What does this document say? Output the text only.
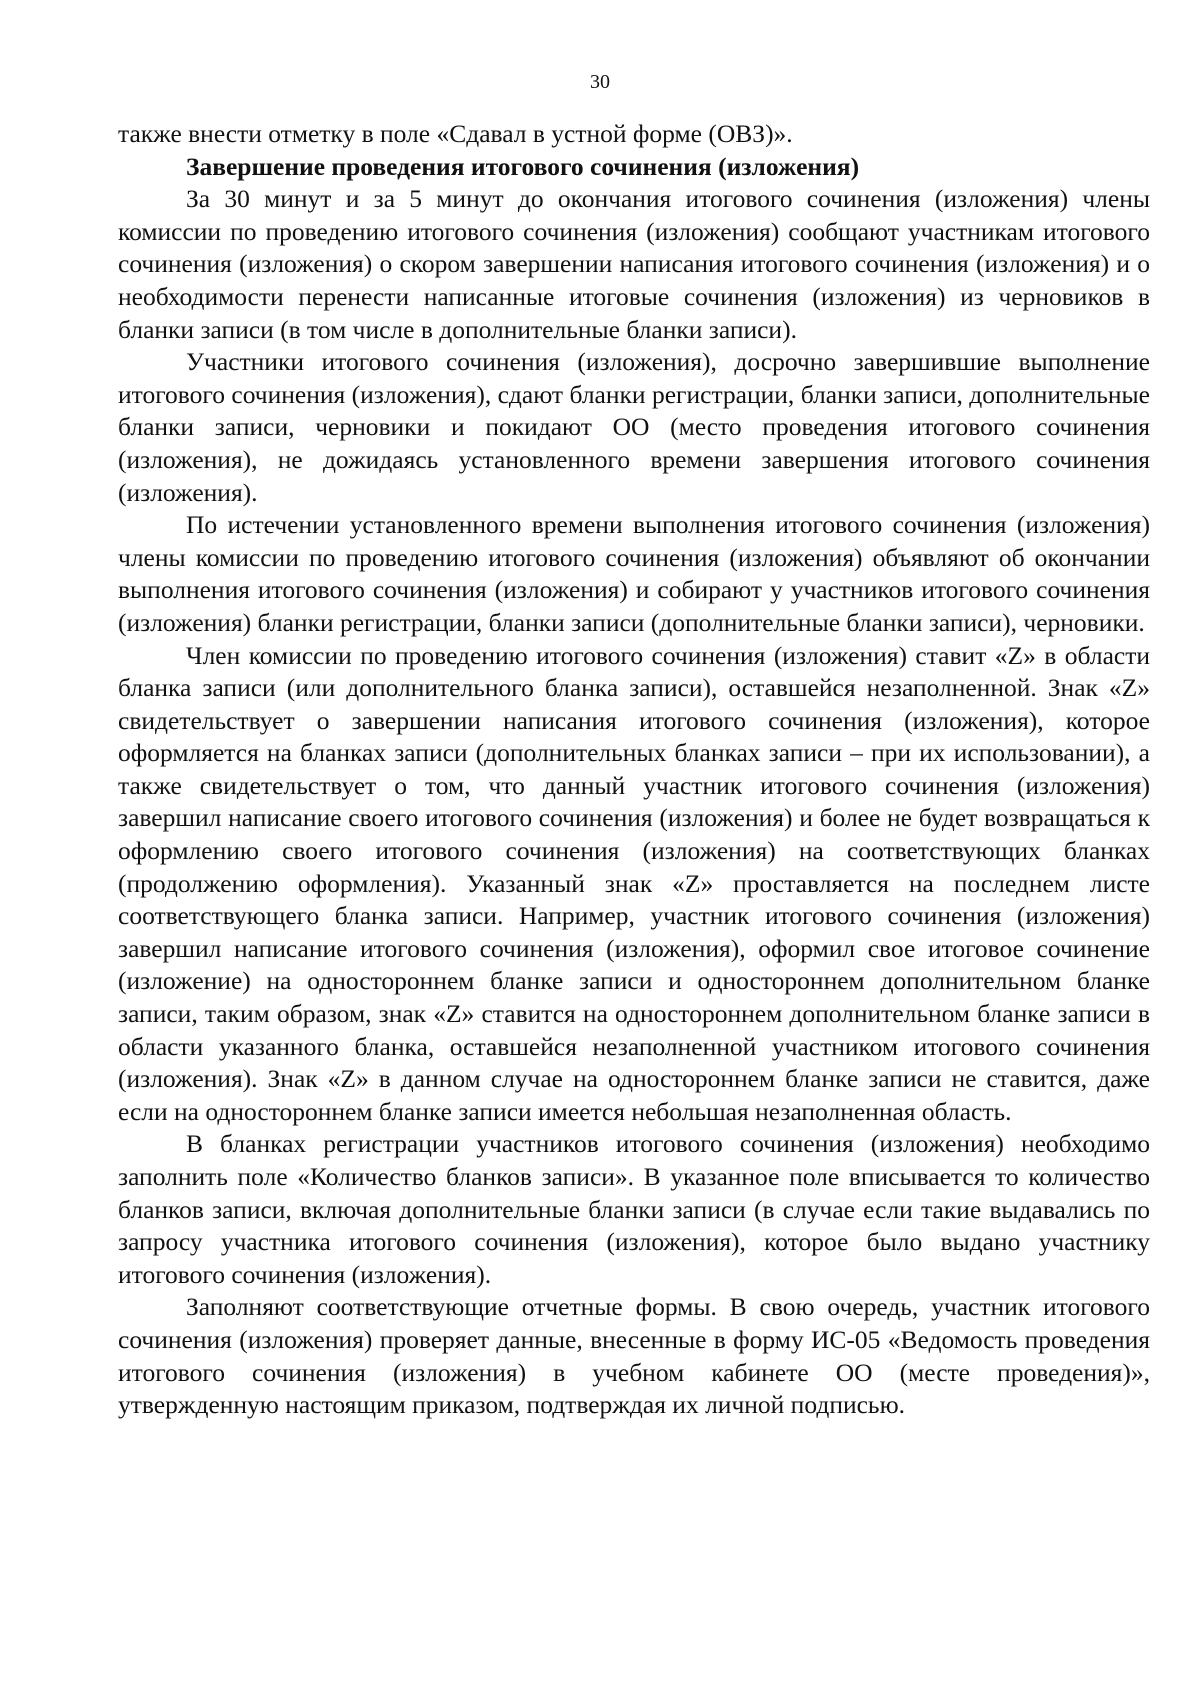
30

также внести отметку в поле «Сдавал в устной форме (ОВЗ)».

Завершение проведения итогового сочинения (изложения)

За 30 минут и за 5 минут до окончания итогового сочинения (изложения) члены комиссии по проведению итогового сочинения (изложения) сообщают участникам итогового сочинения (изложения) о скором завершении написания итогового сочинения (изложения) и о необходимости перенести написанные итоговые сочинения (изложения) из черновиков в бланки записи (в том числе в дополнительные бланки записи).

Участники итогового сочинения (изложения), досрочно завершившие выполнение итогового сочинения (изложения), сдают бланки регистрации, бланки записи, дополнительные бланки записи, черновики и покидают ОО (место проведения итогового сочинения (изложения), не дожидаясь установленного времени завершения итогового сочинения (изложения).

По истечении установленного времени выполнения итогового сочинения (изложения) члены комиссии по проведению итогового сочинения (изложения) объявляют об окончании выполнения итогового сочинения (изложения) и собирают у участников итогового сочинения (изложения) бланки регистрации, бланки записи (дополнительные бланки записи), черновики.

Член комиссии по проведению итогового сочинения (изложения) ставит «Z» в области бланка записи (или дополнительного бланка записи), оставшейся незаполненной. Знак «Z» свидетельствует о завершении написания итогового сочинения (изложения), которое оформляется на бланках записи (дополнительных бланках записи – при их использовании), а также свидетельствует о том, что данный участник итогового сочинения (изложения) завершил написание своего итогового сочинения (изложения) и более не будет возвращаться к оформлению своего итогового сочинения (изложения) на соответствующих бланках (продолжению оформления). Указанный знак «Z» проставляется на последнем листе соответствующего бланка записи. Например, участник итогового сочинения (изложения) завершил написание итогового сочинения (изложения), оформил свое итоговое сочинение (изложение) на одностороннем бланке записи и одностороннем дополнительном бланке записи, таким образом, знак «Z» ставится на одностороннем дополнительном бланке записи в области указанного бланка, оставшейся незаполненной участником итогового сочинения (изложения). Знак «Z» в данном случае на одностороннем бланке записи не ставится, даже если на одностороннем бланке записи имеется небольшая незаполненная область.

В бланках регистрации участников итогового сочинения (изложения) необходимо заполнить поле «Количество бланков записи». В указанное поле вписывается то количество бланков записи, включая дополнительные бланки записи (в случае если такие выдавались по запросу участника итогового сочинения (изложения), которое было выдано участнику итогового сочинения (изложения).

Заполняют соответствующие отчетные формы. В свою очередь, участник итогового сочинения (изложения) проверяет данные, внесенные в форму ИС-05 «Ведомость проведения итогового сочинения (изложения) в учебном кабинете ОО (месте проведения)», утвержденную настоящим приказом, подтверждая их личной подписью.
